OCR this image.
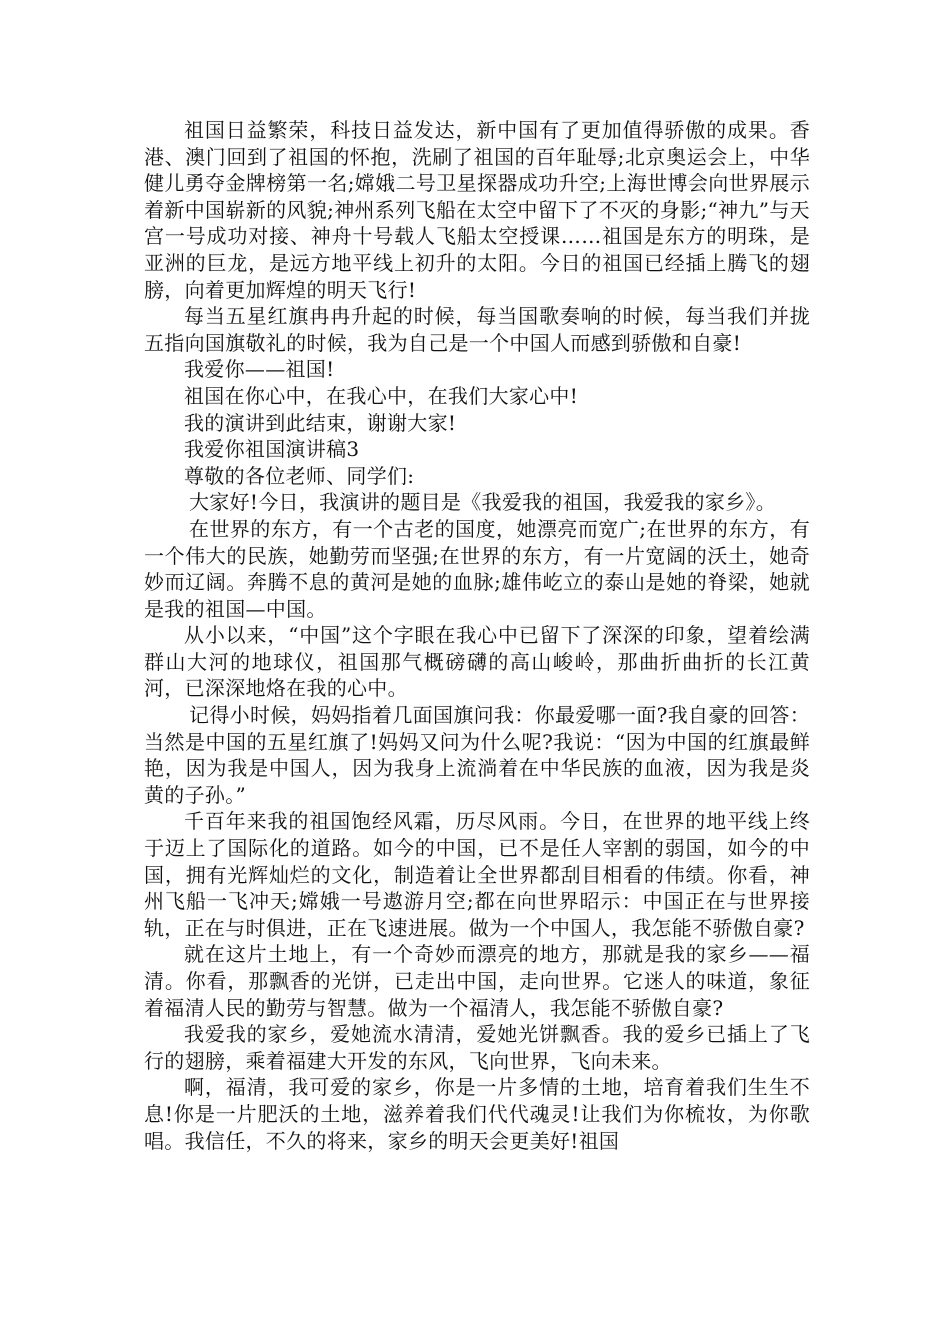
祖国日益繁荣，科技日益发达，新中国有了更加值得骄傲的成果。香港、澳门回到了祖国的怀抱，洗刷了祖国的百年耻辱;北京奥运会上，中华健儿勇夺金牌榜第一名;嫦娥二号卫星探器成功升空;上海世博会向世界展示着新中国崭新的风貌;神州系列飞船在太空中留下了不灭的身影;“神九”与天宫一号成功对接、神舟十号载人飞船太空授课……祖国是东方的明珠，是亚洲的巨龙，是远方地平线上初升的太阳。今日的祖国已经插上腾飞的翅膀，向着更加辉煌的明天飞行!

每当五星红旗冉冉升起的时候，每当国歌奏响的时候，每当我们并拢五指向国旗敬礼的时候，我为自己是一个中国人而感到骄傲和自豪!

我爱你——祖国!

祖国在你心中，在我心中，在我们大家心中!

我的演讲到此结束，谢谢大家!

我爱你祖国演讲稿3

尊敬的各位老师、同学们:

大家好!今日，我演讲的题目是《我爱我的祖国，我爱我的家乡》。

在世界的东方，有一个古老的国度，她漂亮而宽广;在世界的东方，有一个伟大的民族，她勤劳而坚强;在世界的东方，有一片宽阔的沃土，她奇妙而辽阔。奔腾不息的黄河是她的血脉;雄伟屹立的泰山是她的脊梁，她就是我的祖国—中国。

从小以来，“中国”这个字眼在我心中已留下了深深的印象，望着绘满群山大河的地球仪，祖国那气概磅礴的高山峻岭，那曲折曲折的长江黄河，已深深地烙在我的心中。

记得小时候，妈妈指着几面国旗问我：你最爱哪一面?我自豪的回答：当然是中国的五星红旗了!妈妈又问为什么呢?我说：“因为中国的红旗最鲜艳，因为我是中国人，因为我身上流淌着在中华民族的血液，因为我是炎黄的子孙。”

千百年来我的祖国饱经风霜，历尽风雨。今日，在世界的地平线上终于迈上了国际化的道路。如今的中国，已不是任人宰割的弱国，如今的中国，拥有光辉灿烂的文化，制造着让全世界都刮目相看的伟绩。你看，神州飞船一飞冲天;嫦娥一号遨游月空;都在向世界昭示：中国正在与世界接轨，正在与时俱进，正在飞速进展。做为一个中国人，我怎能不骄傲自豪?

就在这片土地上，有一个奇妙而漂亮的地方，那就是我的家乡——福清。你看，那飘香的光饼，已走出中国，走向世界。它迷人的味道，象征着福清人民的勤劳与智慧。做为一个福清人，我怎能不骄傲自豪?

我爱我的家乡，爱她流水清清，爱她光饼飘香。我的爱乡已插上了飞行的翅膀，乘着福建大开发的东风，飞向世界，飞向未来。

啊，福清，我可爱的家乡，你是一片多情的土地，培育着我们生生不息!你是一片肥沃的土地，滋养着我们代代魂灵!让我们为你梳妆，为你歌唱。我信任，不久的将来，家乡的明天会更美好!祖国
